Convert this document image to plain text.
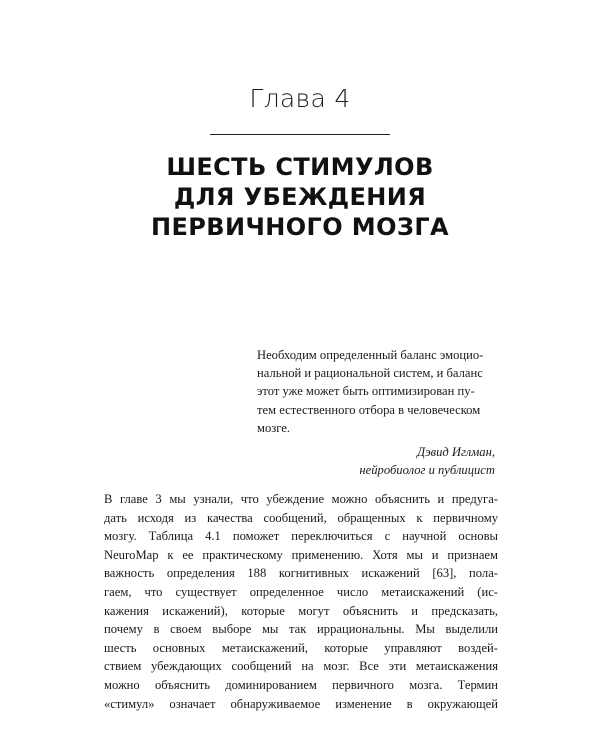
Глава 4
ШЕСТЬ СТИМУЛОВ
ДЛЯ УБЕЖДЕНИЯ
ПЕРВИЧНОГО МОЗГА

Необходим определенный баланс эмоцио-
нальной и рациональной систем, и баланс
этот уже может быть оптимизирован пу-
тем естественного отбора в человеческом
мозге.

Дэвид Иглман,
нейробиолог и публицист
В главе 3 мы узнали, что убеждение можно объяснить и предуга-
дать исходя из качества сообщений, обращенных к первичному
мозгу. Таблица 4.1 поможет переключиться с научной основы
NeuroMap к ее практическому применению. Хотя мы и признаем
важность определения 188 когнитивных искажений [63], пола-
гаем, что существует определенное число метаискажений (ис-
кажения искажений), которые могут объяснить и предсказать,
почему в своем выборе мы так иррациональны. Мы выделили
шесть основных метаискажений, которые управляют воздей-
ствием убеждающих сообщений на мозг. Все эти метаискажения
можно объяснить доминированием первичного мозга. Термин
«стимул» означает обнаруживаемое изменение в окружающей
